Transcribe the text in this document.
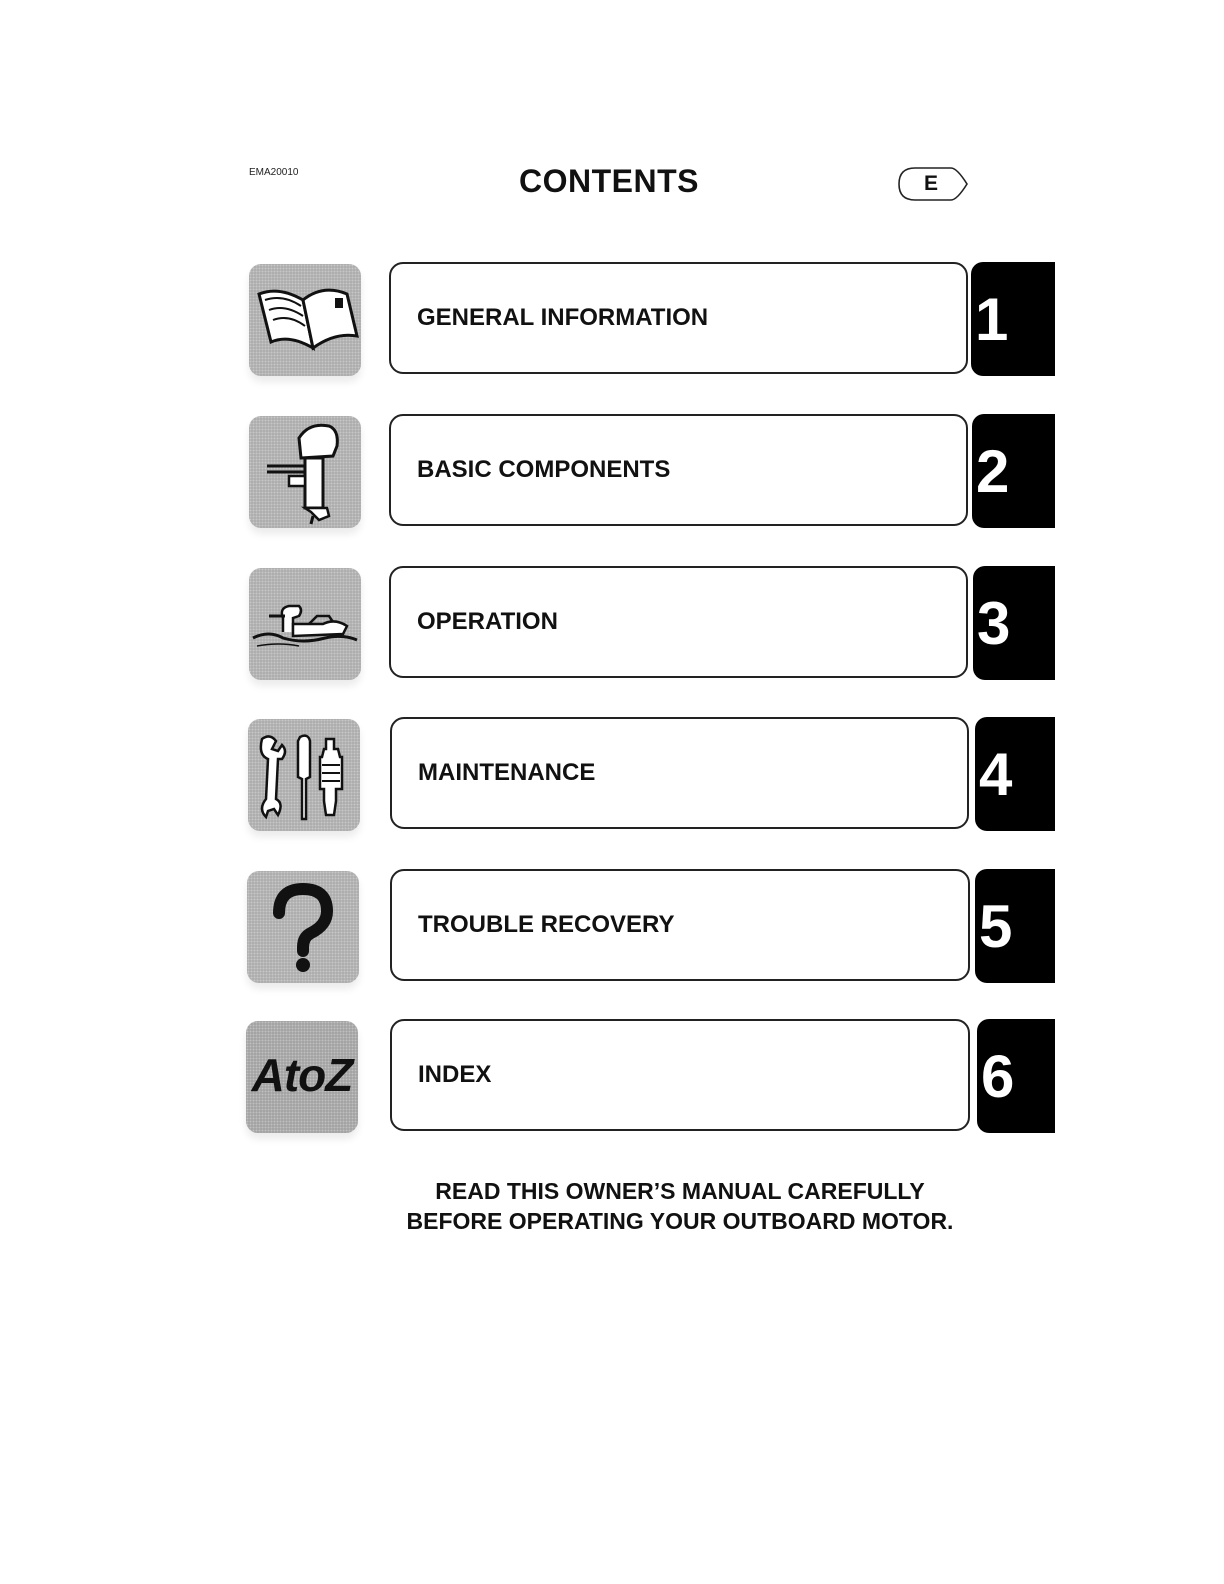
EMA20010	CONTENTS	E
GENERAL INFORMATION	1
BASIC COMPONENTS	2
OPERATION	3
MAINTENANCE	4
TROUBLE RECOVERY	5
AtoZ	INDEX	6
READ THIS OWNER’S MANUAL CAREFULLY
BEFORE OPERATING YOUR OUTBOARD MOTOR.
